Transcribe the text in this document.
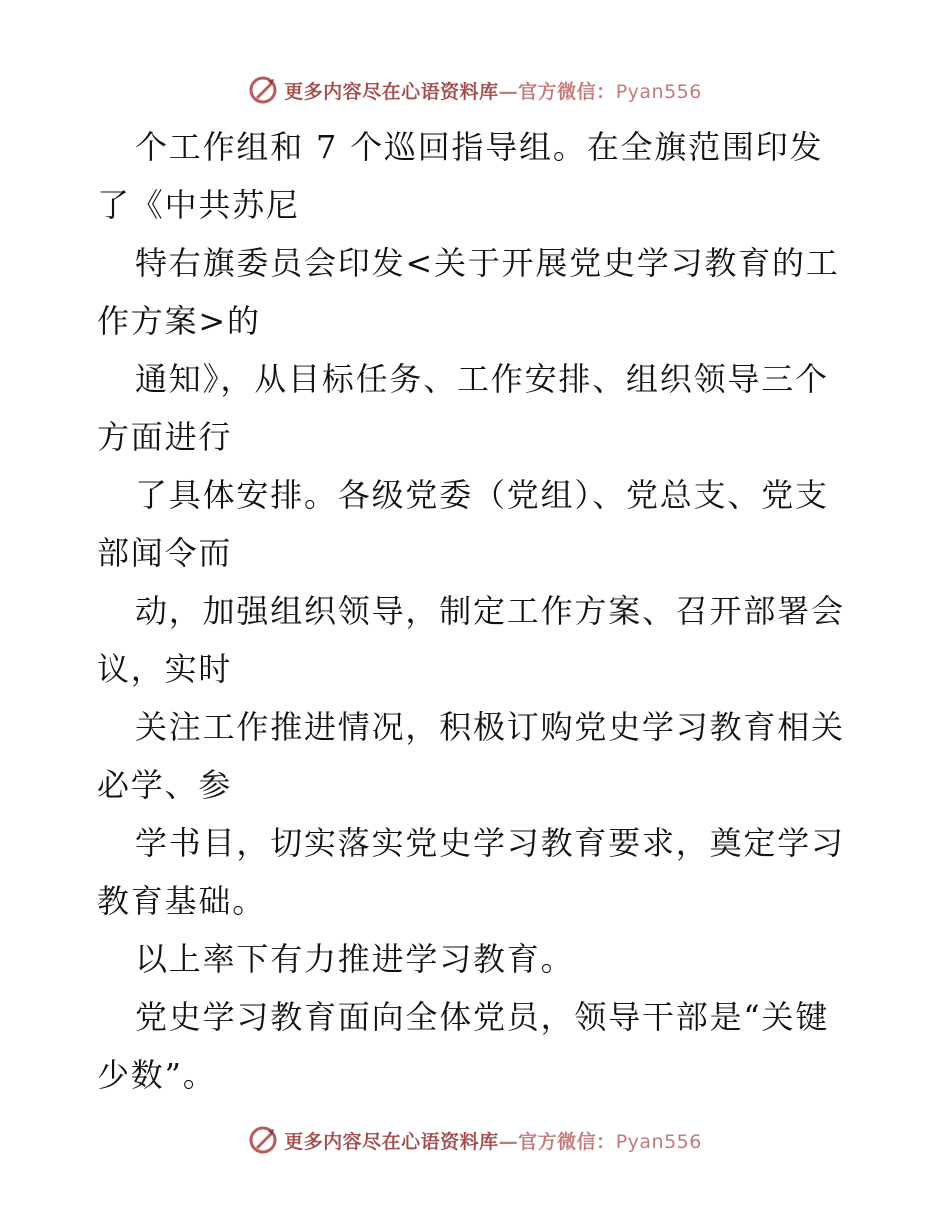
更多内容尽在心语资料库—官方微信：Pyan556
个工作组和 7 个巡回指导组。在全旗范围印发
了《中共苏尼
特右旗委员会印发<关于开展党史学习教育的工
作方案>的
通知》，从目标任务、工作安排、组织领导三个
方面进行
了具体安排。各级党委（党组）、党总支、党支
部闻令而
动，加强组织领导，制定工作方案、召开部署会
议，实时
关注工作推进情况，积极订购党史学习教育相关
必学、参
学书目，切实落实党史学习教育要求，奠定学习
教育基础。
以上率下有力推进学习教育。
党史学习教育面向全体党员，领导干部是“关键
少数”。
更多内容尽在心语资料库—官方微信：Pyan556
